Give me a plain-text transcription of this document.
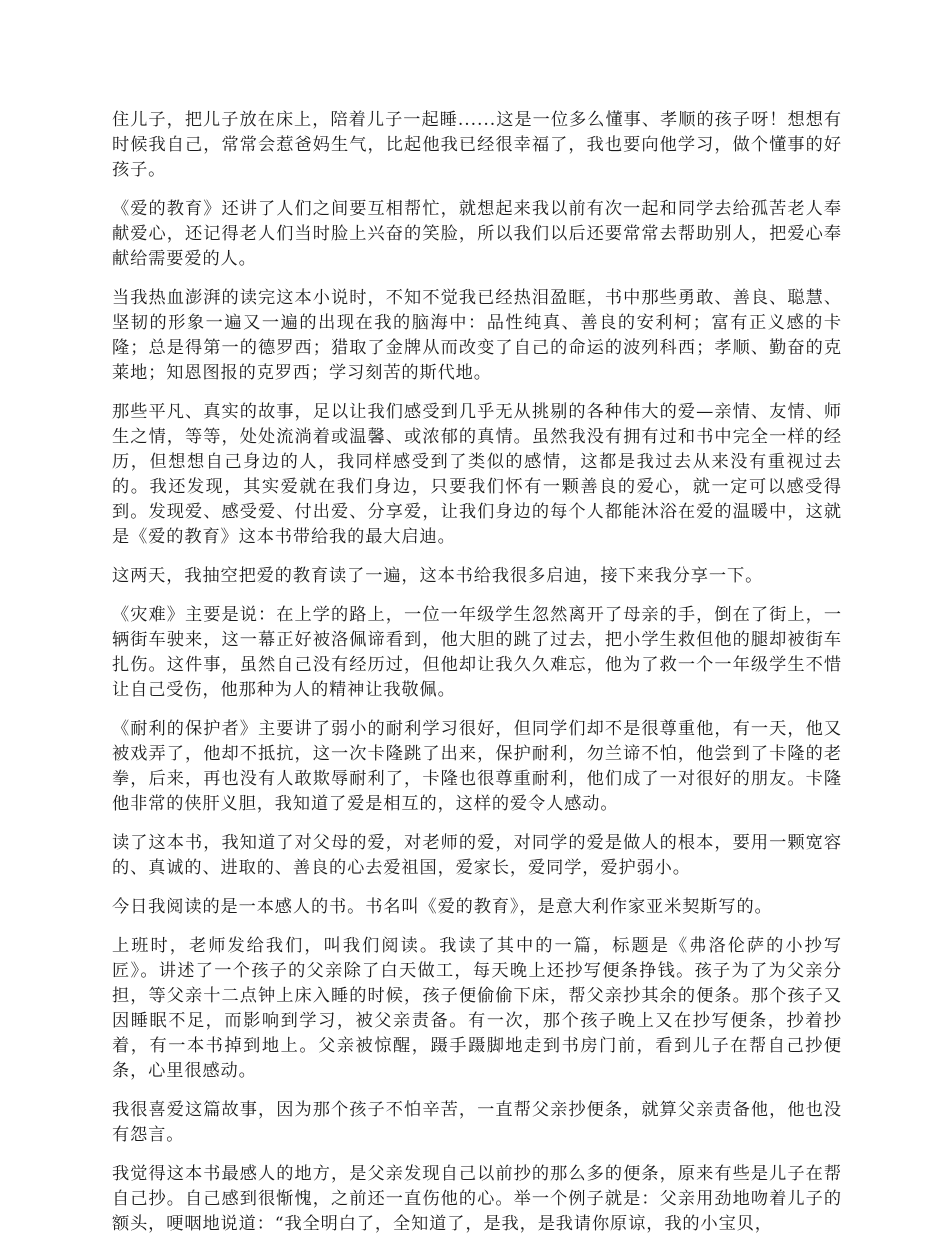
住儿子，把儿子放在床上，陪着儿子一起睡......这是一位多么懂事、孝顺的孩子呀！想想有时候我自己，常常会惹爸妈生气，比起他我已经很幸福了，我也要向他学习，做个懂事的好孩子。

《爱的教育》还讲了人们之间要互相帮忙，就想起来我以前有次一起和同学去给孤苦老人奉献爱心，还记得老人们当时脸上兴奋的笑脸，所以我们以后还要常常去帮助别人，把爱心奉献给需要爱的人。

当我热血澎湃的读完这本小说时，不知不觉我已经热泪盈眶，书中那些勇敢、善良、聪慧、坚韧的形象一遍又一遍的出现在我的脑海中：品性纯真、善良的安利柯；富有正义感的卡隆；总是得第一的德罗西；猎取了金牌从而改变了自己的命运的波列科西；孝顺、勤奋的克莱地；知恩图报的克罗西；学习刻苦的斯代地。

那些平凡、真实的故事，足以让我们感受到几乎无从挑剔的各种伟大的爱—亲情、友情、师生之情，等等，处处流淌着或温馨、或浓郁的真情。虽然我没有拥有过和书中完全一样的经历，但想想自己身边的人，我同样感受到了类似的感情，这都是我过去从来没有重视过去的。我还发现，其实爱就在我们身边，只要我们怀有一颗善良的爱心，就一定可以感受得到。发现爱、感受爱、付出爱、分享爱，让我们身边的每个人都能沐浴在爱的温暖中，这就是《爱的教育》这本书带给我的最大启迪。

这两天，我抽空把爱的教育读了一遍，这本书给我很多启迪，接下来我分享一下。

《灾难》主要是说：在上学的路上，一位一年级学生忽然离开了母亲的手，倒在了街上，一辆街车驶来，这一幕正好被洛佩谛看到，他大胆的跳了过去，把小学生救但他的腿却被街车扎伤。这件事，虽然自己没有经历过，但他却让我久久难忘，他为了救一个一年级学生不惜让自己受伤，他那种为人的精神让我敬佩。

《耐利的保护者》主要讲了弱小的耐利学习很好，但同学们却不是很尊重他，有一天，他又被戏弄了，他却不抵抗，这一次卡隆跳了出来，保护耐利，勿兰谛不怕，他尝到了卡隆的老拳，后来，再也没有人敢欺辱耐利了，卡隆也很尊重耐利，他们成了一对很好的朋友。卡隆他非常的侠肝义胆，我知道了爱是相互的，这样的爱令人感动。

读了这本书，我知道了对父母的爱，对老师的爱，对同学的爱是做人的根本，要用一颗宽容的、真诚的、进取的、善良的心去爱祖国，爱家长，爱同学，爱护弱小。

今日我阅读的是一本感人的书。书名叫《爱的教育》，是意大利作家亚米契斯写的。

上班时，老师发给我们，叫我们阅读。我读了其中的一篇，标题是《弗洛伦萨的小抄写匠》。讲述了一个孩子的父亲除了白天做工，每天晚上还抄写便条挣钱。孩子为了为父亲分担，等父亲十二点钟上床入睡的时候，孩子便偷偷下床，帮父亲抄其余的便条。那个孩子又因睡眠不足，而影响到学习，被父亲责备。有一次，那个孩子晚上又在抄写便条，抄着抄着，有一本书掉到地上。父亲被惊醒，蹑手蹑脚地走到书房门前，看到儿子在帮自己抄便条，心里很感动。

我很喜爱这篇故事，因为那个孩子不怕辛苦，一直帮父亲抄便条，就算父亲责备他，他也没有怨言。

我觉得这本书最感人的地方，是父亲发现自己以前抄的那么多的便条，原来有些是儿子在帮自己抄。自己感到很惭愧，之前还一直伤他的心。举一个例子就是：父亲用劲地吻着儿子的额头，哽咽地说道：“我全明白了，全知道了，是我，是我请你原谅，我的小宝贝，
